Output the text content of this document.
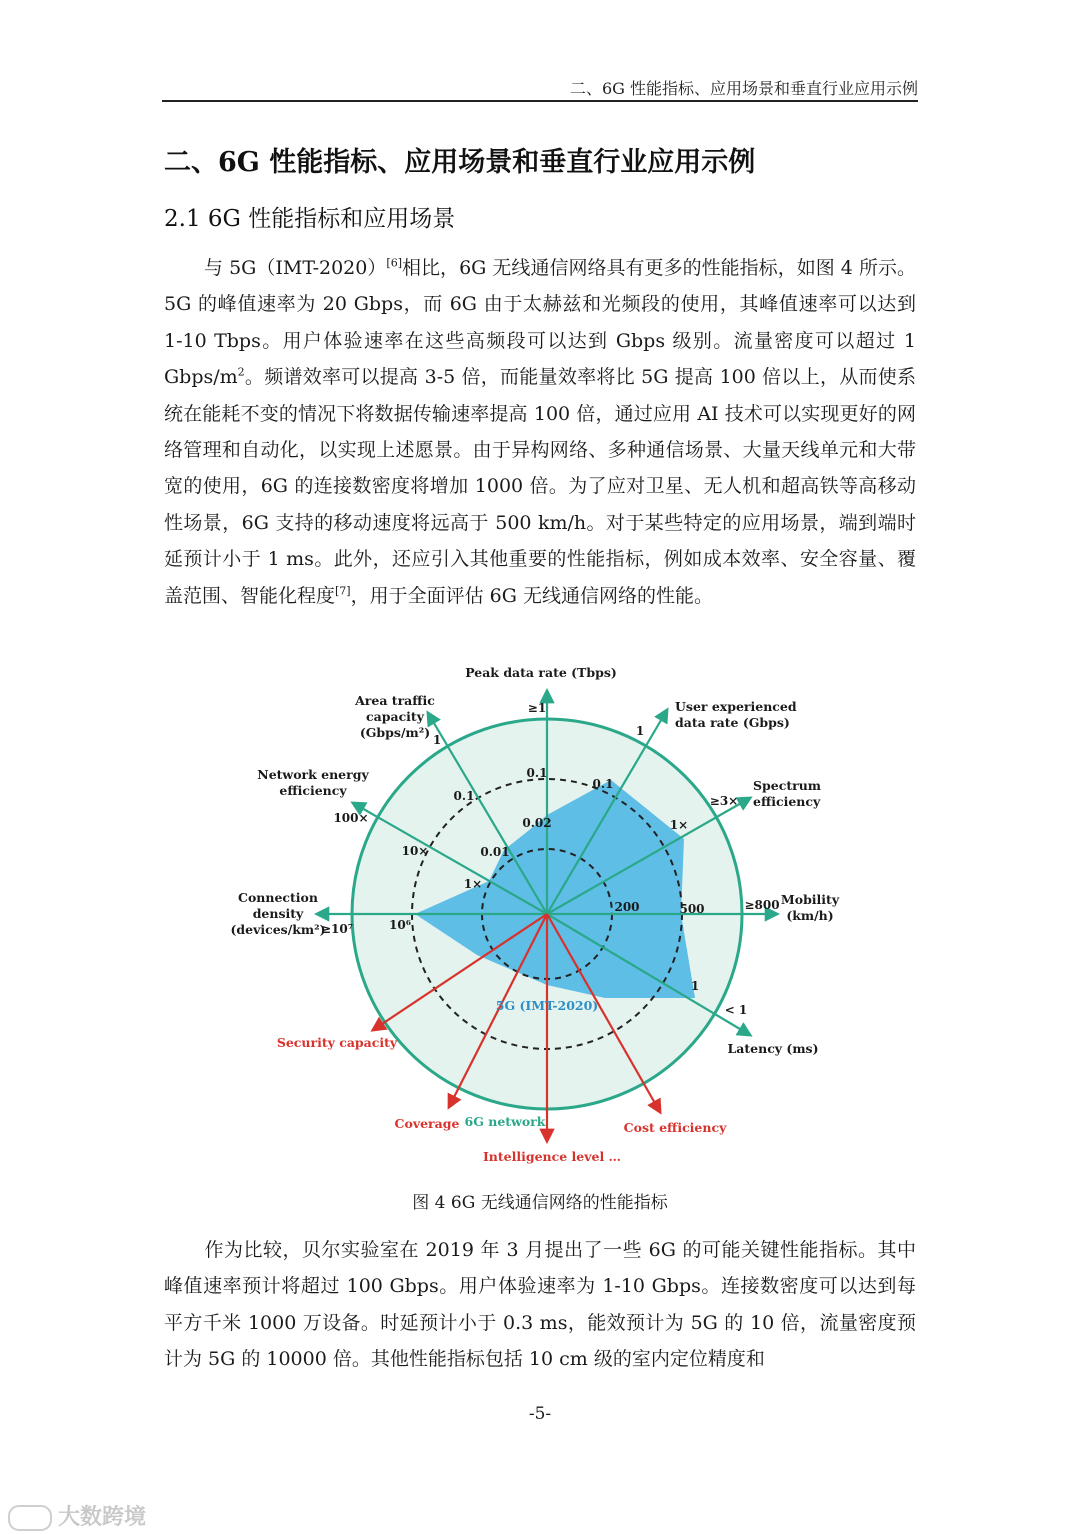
二、6G 性能指标、应用场景和垂直行业应用示例
二、6G 性能指标、应用场景和垂直行业应用示例
2.1 6G 性能指标和应用场景

与 5G（IMT-2020）[6]相比，6G 无线通信网络具有更多的性能指标，如图 4 所示。5G 的峰值速率为 20 Gbps，而 6G 由于太赫兹和光频段的使用，其峰值速率可以达到 1-10 Tbps。用户体验速率在这些高频段可以达到 Gbps 级别。流量密度可以超过 1 Gbps/$m^2$。频谱效率可以提高 3-5 倍，而能量效率将比 5G 提高 100 倍以上，从而使系统在能耗不变的情况下将数据传输速率提高 100 倍，通过应用 AI 技术可以实现更好的网络管理和自动化，以实现上述愿景。由于异构网络、多种通信场景、大量天线单元和大带宽的使用，6G 的连接数密度将增加 1000 倍。为了应对卫星、无人机和超高铁等高移动性场景，6G 支持的移动速度将远高于 500 km/h。对于某些特定的应用场景，端到端时延预计小于 1 ms。此外，还应引入其他重要的性能指标，例如成本效率、安全容量、覆盖范围、智能化程度[7]，用于全面评估 6G 无线通信网络的性能。

Peak data rate (Tbps)
User experienced data rate (Gbps)
Spectrum efficiency
Mobility (km/h)
Latency (ms)
Connection density (devices/km²)
Network energy efficiency
Area traffic capacity (Gbps/m²)
Security capacity
Coverage
Intelligence level …
Cost efficiency
0.02
0.1
≥1
0.1
1
1×
≥3×
200	500	≥800
1
< 1
10⁶
≥10⁷
1×
10×
100×
0.01
0.1
1
5G (IMT-2020)
6G network
图 4 6G 无线通信网络的性能指标

作为比较，贝尔实验室在 2019 年 3 月提出了一些 6G 的可能关键性能指标。其中峰值速率预计将超过 100 Gbps。用户体验速率为 1-10 Gbps。连接数密度可以达到每平方千米 1000 万设备。时延预计小于 0.3 ms，能效预计为 5G 的 10 倍，流量密度预计为 5G 的 10000 倍。其他性能指标包括 10 cm 级的室内定位精度和

-5-
大数跨境
